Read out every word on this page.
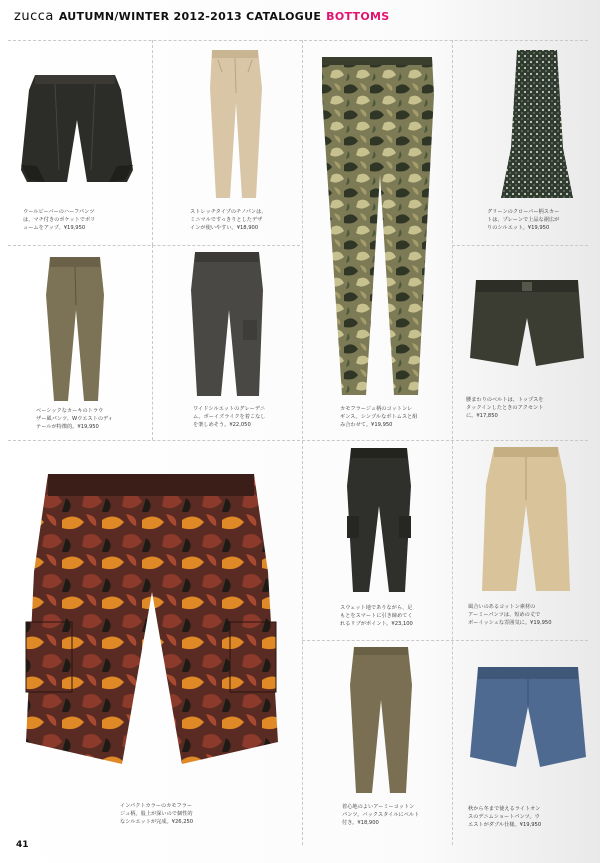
zucca AUTUMN/WINTER 2012-2013 CATALOGUE BOTTOMS
ウールビーバーのハーフパンツ
は、マチ付きのポケットでボリ
ュームをアップ。¥19,950
ストレッチタイプのチノパンは、
ミニマルですっきりとしたデザ
インが使いやすい。¥18,900
カモフラージュ柄のコットンレ
ギンス。シンプルなボトムスと組
み合わせて。¥19,950
グリーンのクローバー柄スカー
トは、プレーンで上品な裾広が
りのシルエット。¥19,950
ベーシックなカーキのトラウ
ザー風パンツ。Wウエストのディ
テールが特徴的。¥19,950
ワイドシルエットのグレーデニ
ム。ボーイズライクを着こなし
を楽しめそう。¥22,050
腰まわりのベルトは、トップスを
タックインしたときのアクセント
に。¥17,850
インパクトカラーのカモフラー
ジュ柄。股上が深いので個性的
なシルエットが完成。¥26,250
スウェット地でありながら、足
もとをスマートに引き締めてく
れるリブがポイント。¥23,100
風合いのあるコットン素材の
アーミーパンツは、短めの丈で
ボーイッシュな雰囲気に。¥19,950
着心地のよいアーミーコットン
パンツ。バックスタイルにベルト
付き。¥18,900
秋から冬まで使えるライトオン
スのデニムショートパンツ。ウ
エストがダブル仕様。¥19,950
41
